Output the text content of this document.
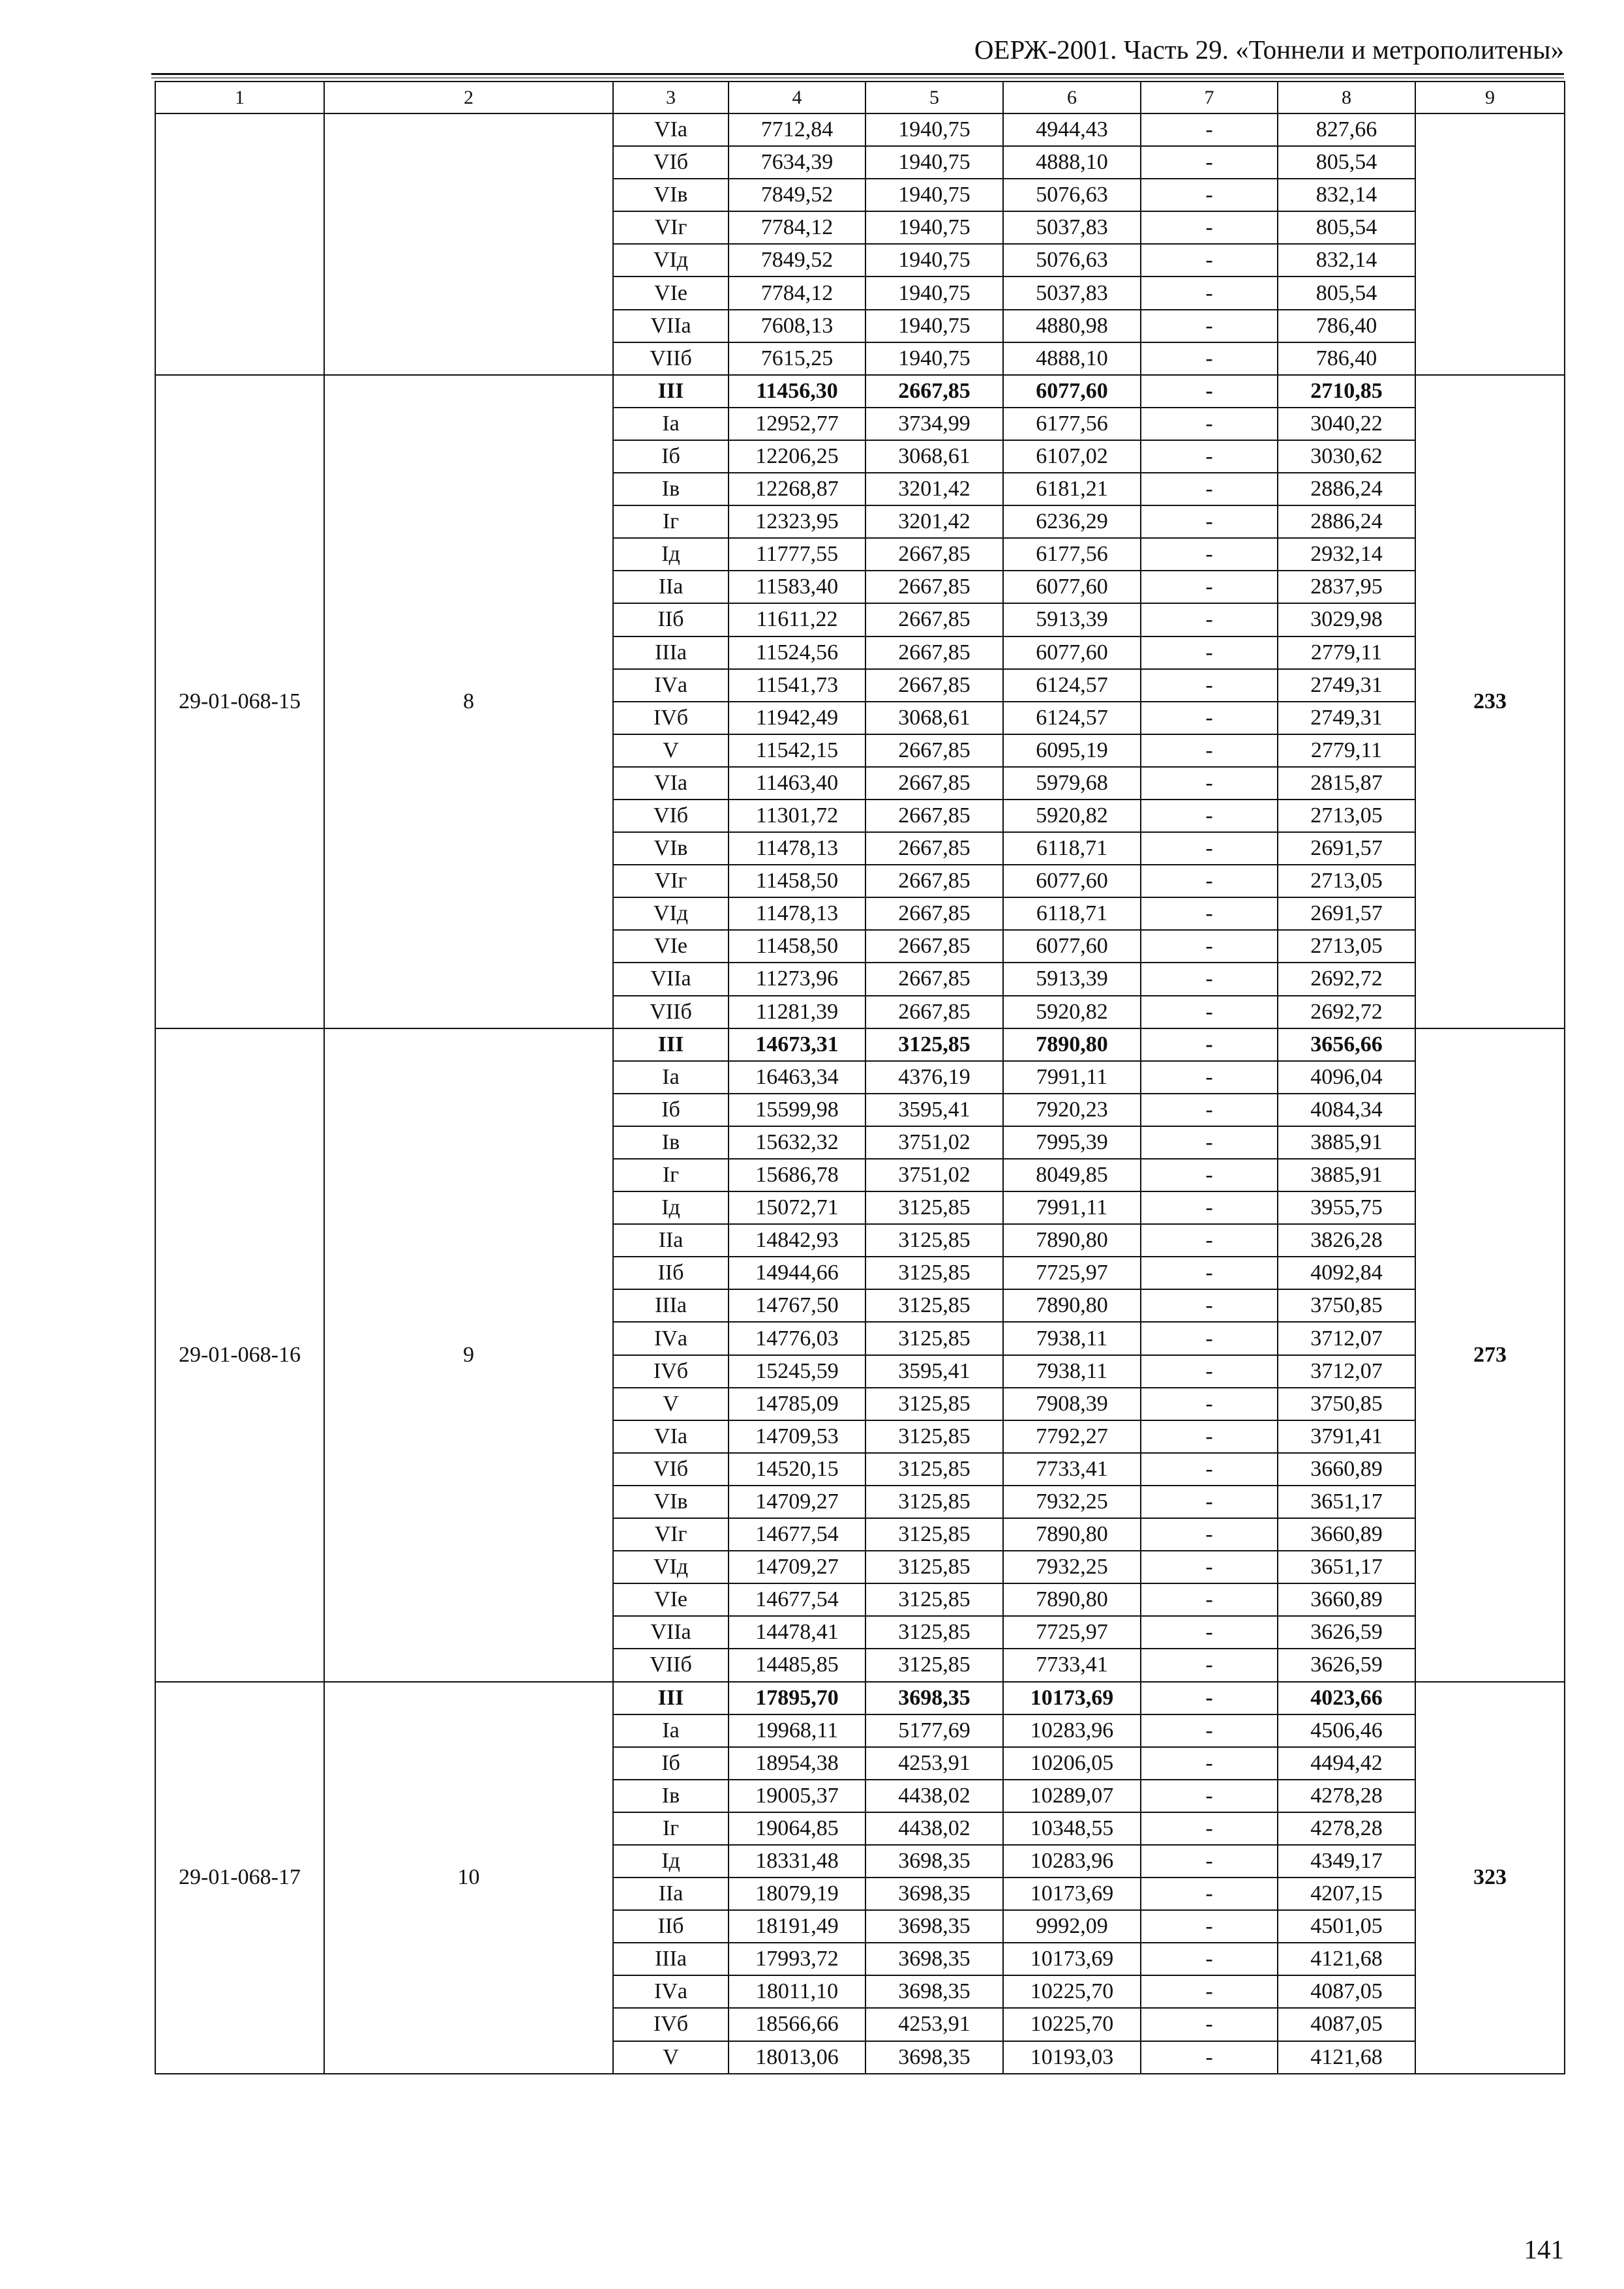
ОЕРЖ-2001. Часть 29. «Тоннели и метрополитены»
1	2	3	4	5	6	7	8	9
		VIа	7712,84	1940,75	4944,43	-	827,66	
		VIб	7634,39	1940,75	4888,10	-	805,54	
		VIв	7849,52	1940,75	5076,63	-	832,14	
		VIг	7784,12	1940,75	5037,83	-	805,54	
		VIд	7849,52	1940,75	5076,63	-	832,14	
		VIе	7784,12	1940,75	5037,83	-	805,54	
		VIIа	7608,13	1940,75	4880,98	-	786,40	
		VIIб	7615,25	1940,75	4888,10	-	786,40	
29-01-068-15	8	III	11456,30	2667,85	6077,60	-	2710,85	233
		Iа	12952,77	3734,99	6177,56	-	3040,22	
		Iб	12206,25	3068,61	6107,02	-	3030,62	
		Iв	12268,87	3201,42	6181,21	-	2886,24	
		Iг	12323,95	3201,42	6236,29	-	2886,24	
		Iд	11777,55	2667,85	6177,56	-	2932,14	
		IIа	11583,40	2667,85	6077,60	-	2837,95	
		IIб	11611,22	2667,85	5913,39	-	3029,98	
		IIIа	11524,56	2667,85	6077,60	-	2779,11	
		IVа	11541,73	2667,85	6124,57	-	2749,31	
		IVб	11942,49	3068,61	6124,57	-	2749,31	
		V	11542,15	2667,85	6095,19	-	2779,11	
		VIа	11463,40	2667,85	5979,68	-	2815,87	
		VIб	11301,72	2667,85	5920,82	-	2713,05	
		VIв	11478,13	2667,85	6118,71	-	2691,57	
		VIг	11458,50	2667,85	6077,60	-	2713,05	
		VIд	11478,13	2667,85	6118,71	-	2691,57	
		VIе	11458,50	2667,85	6077,60	-	2713,05	
		VIIа	11273,96	2667,85	5913,39	-	2692,72	
		VIIб	11281,39	2667,85	5920,82	-	2692,72	
29-01-068-16	9	III	14673,31	3125,85	7890,80	-	3656,66	273
		Iа	16463,34	4376,19	7991,11	-	4096,04	
		Iб	15599,98	3595,41	7920,23	-	4084,34	
		Iв	15632,32	3751,02	7995,39	-	3885,91	
		Iг	15686,78	3751,02	8049,85	-	3885,91	
		Iд	15072,71	3125,85	7991,11	-	3955,75	
		IIа	14842,93	3125,85	7890,80	-	3826,28	
		IIб	14944,66	3125,85	7725,97	-	4092,84	
		IIIа	14767,50	3125,85	7890,80	-	3750,85	
		IVа	14776,03	3125,85	7938,11	-	3712,07	
		IVб	15245,59	3595,41	7938,11	-	3712,07	
		V	14785,09	3125,85	7908,39	-	3750,85	
		VIа	14709,53	3125,85	7792,27	-	3791,41	
		VIб	14520,15	3125,85	7733,41	-	3660,89	
		VIв	14709,27	3125,85	7932,25	-	3651,17	
		VIг	14677,54	3125,85	7890,80	-	3660,89	
		VIд	14709,27	3125,85	7932,25	-	3651,17	
		VIе	14677,54	3125,85	7890,80	-	3660,89	
		VIIа	14478,41	3125,85	7725,97	-	3626,59	
		VIIб	14485,85	3125,85	7733,41	-	3626,59	
29-01-068-17	10	III	17895,70	3698,35	10173,69	-	4023,66	323
		Iа	19968,11	5177,69	10283,96	-	4506,46	
		Iб	18954,38	4253,91	10206,05	-	4494,42	
		Iв	19005,37	4438,02	10289,07	-	4278,28	
		Iг	19064,85	4438,02	10348,55	-	4278,28	
		Iд	18331,48	3698,35	10283,96	-	4349,17	
		IIа	18079,19	3698,35	10173,69	-	4207,15	
		IIб	18191,49	3698,35	9992,09	-	4501,05	
		IIIа	17993,72	3698,35	10173,69	-	4121,68	
		IVа	18011,10	3698,35	10225,70	-	4087,05	
		IVб	18566,66	4253,91	10225,70	-	4087,05	
		V	18013,06	3698,35	10193,03	-	4121,68	
141
